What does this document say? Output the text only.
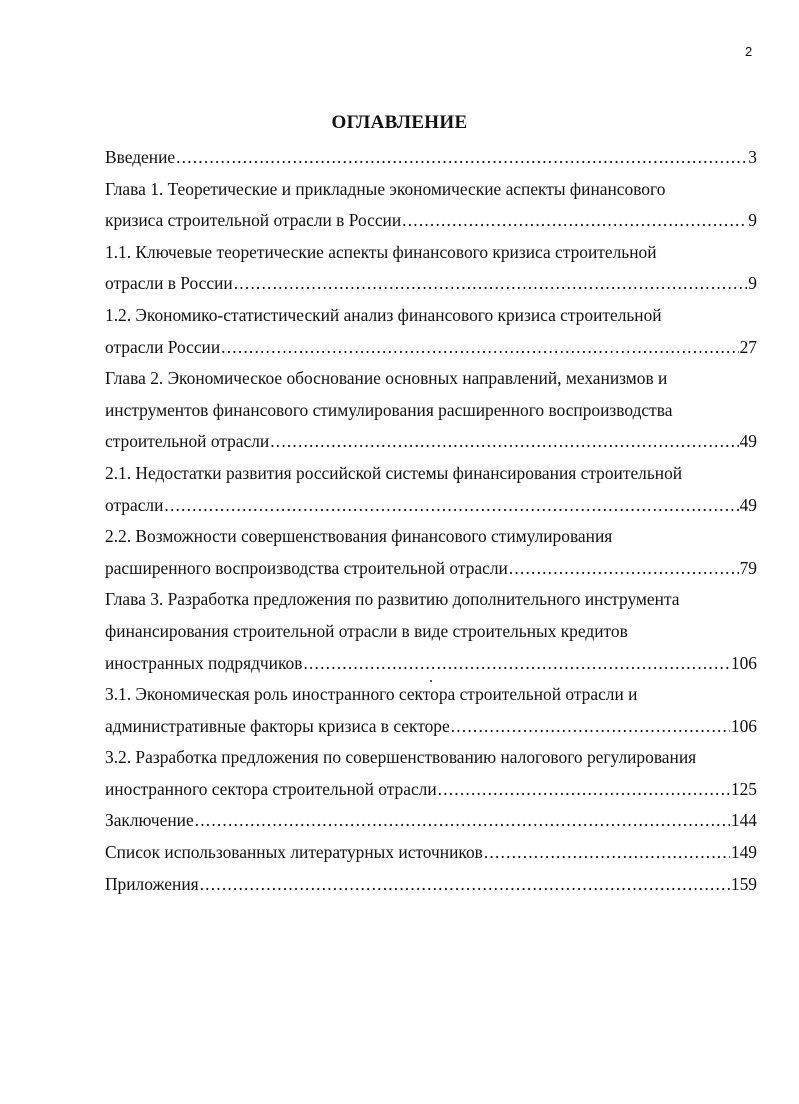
2
ОГЛАВЛЕНИЕ
Введение .....	3
Глава 1. Теоретические и прикладные экономические аспекты финансового
кризиса строительной отрасли в России .....	9
1.1. Ключевые теоретические аспекты финансового кризиса строительной
отрасли в России .....	9
1.2. Экономико-статистический анализ финансового кризиса строительной
отрасли России .....	27
Глава 2. Экономическое обоснование основных направлений, механизмов и
инструментов финансового стимулирования расширенного воспроизводства
строительной отрасли .....	49
2.1. Недостатки развития российской системы финансирования строительной
отрасли .....	49
2.2. Возможности совершенствования финансового стимулирования
расширенного воспроизводства строительной отрасли .....	79
Глава 3. Разработка предложения по развитию дополнительного инструмента
финансирования строительной отрасли в виде строительных кредитов
иностранных подрядчиков .....	106
3.1. Экономическая роль иностранного сектора строительной отрасли и
административные факторы кризиса в секторе .....	106
3.2. Разработка предложения по совершенствованию налогового регулирования
иностранного сектора строительной отрасли .....	125
Заключение .....	144
Список использованных литературных источников .....	149
Приложения .....	159
